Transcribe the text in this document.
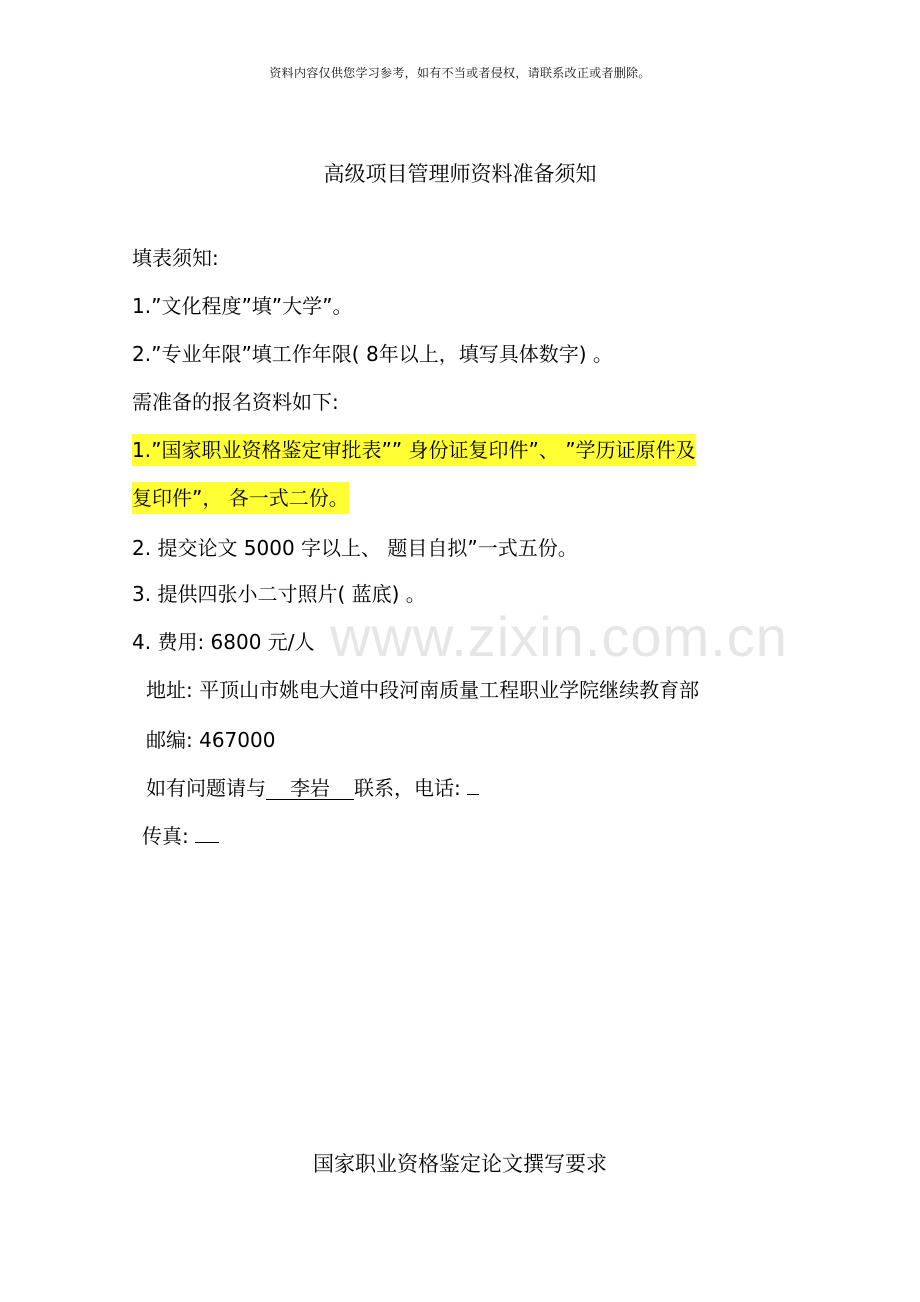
资料内容仅供您学习参考，如有不当或者侵权，请联系改正或者删除。
高级项目管理师资料准备须知
填表须知:
1.”文化程度”填”大学”。
2.”专业年限”填工作年限( 8年以上，填写具体数字) 。
需准备的报名资料如下:
1.”国家职业资格鉴定审批表”” 身份证复印件”、 ”学历证原件及
复印件”， 各一式二份。
2. 提交论文 5000 字以上、 题目自拟”一式五份。
3. 提供四张小二寸照片( 蓝底) 。
4. 费用: 6800 元/人 www.zixin.com.cn
地址: 平顶山市姚电大道中段河南质量工程职业学院继续教育部
邮编: 467000
如有问题请与 李岩 联系，电话:
传真:
国家职业资格鉴定论文撰写要求
